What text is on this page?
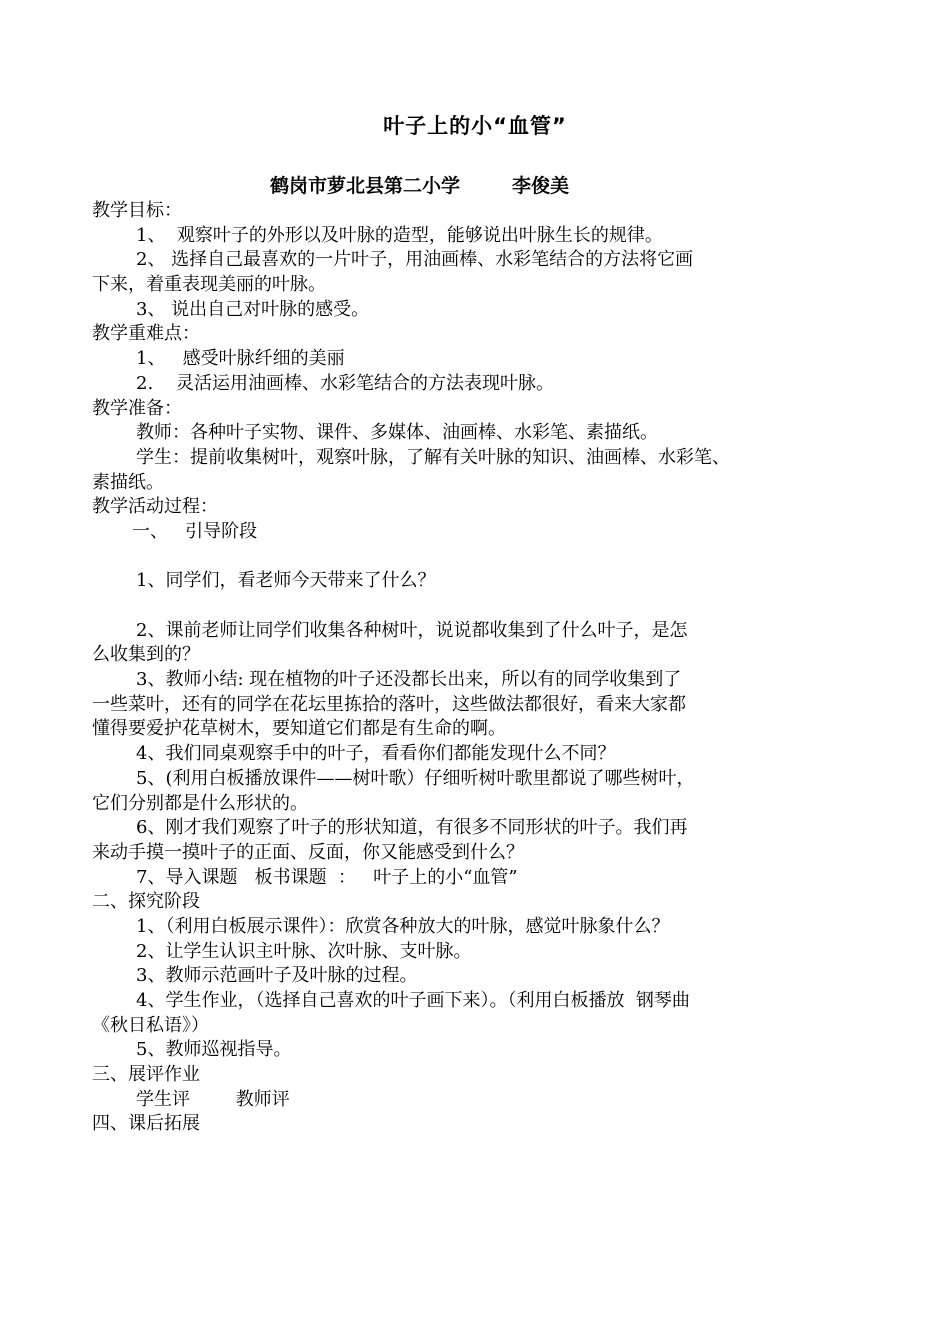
叶子上的小“血管”
鹤岗市萝北县第二小学	李俊美
教学目标：
1、  观察叶子的外形以及叶脉的造型，能够说出叶脉生长的规律。
2、 选择自己最喜欢的一片叶子，用油画棒、水彩笔结合的方法将它画
下来，着重表现美丽的叶脉。
3、 说出自己对叶脉的感受。
教学重难点：
1、   感受叶脉纤细的美丽
2.    灵活运用油画棒、水彩笔结合的方法表现叶脉。
教学准备：
教师：各种叶子实物、课件、多媒体、油画棒、水彩笔、素描纸。
学生：提前收集树叶，观察叶脉，了解有关叶脉的知识、油画棒、水彩笔、
素描纸。
教学活动过程：
一、   引导阶段
1、同学们，看老师今天带来了什么？
2、课前老师让同学们收集各种树叶，说说都收集到了什么叶子，是怎
么收集到的？
3、教师小结: 现在植物的叶子还没都长出来，所以有的同学收集到了
一些菜叶，还有的同学在花坛里拣拾的落叶，这些做法都很好，看来大家都
懂得要爱护花草树木，要知道它们都是有生命的啊。
4、我们同桌观察手中的叶子，看看你们都能发现什么不同？
5、(利用白板播放课件——树叶歌）仔细听树叶歌里都说了哪些树叶，
它们分别都是什么形状的。
6、刚才我们观察了叶子的形状知道，有很多不同形状的叶子。我们再
来动手摸一摸叶子的正面、反面，你又能感受到什么？
7、导入课题   板书课题  ：   叶子上的小“血管”
二、探究阶段
1、（利用白板展示课件）：欣赏各种放大的叶脉，感觉叶脉象什么？
2、让学生认识主叶脉、次叶脉、支叶脉。
3、教师示范画叶子及叶脉的过程。
4、学生作业，（选择自己喜欢的叶子画下来）。（利用白板播放  钢琴曲
《秋日私语》）
5、教师巡视指导。
三、展评作业
学生评        教师评
四、课后拓展
